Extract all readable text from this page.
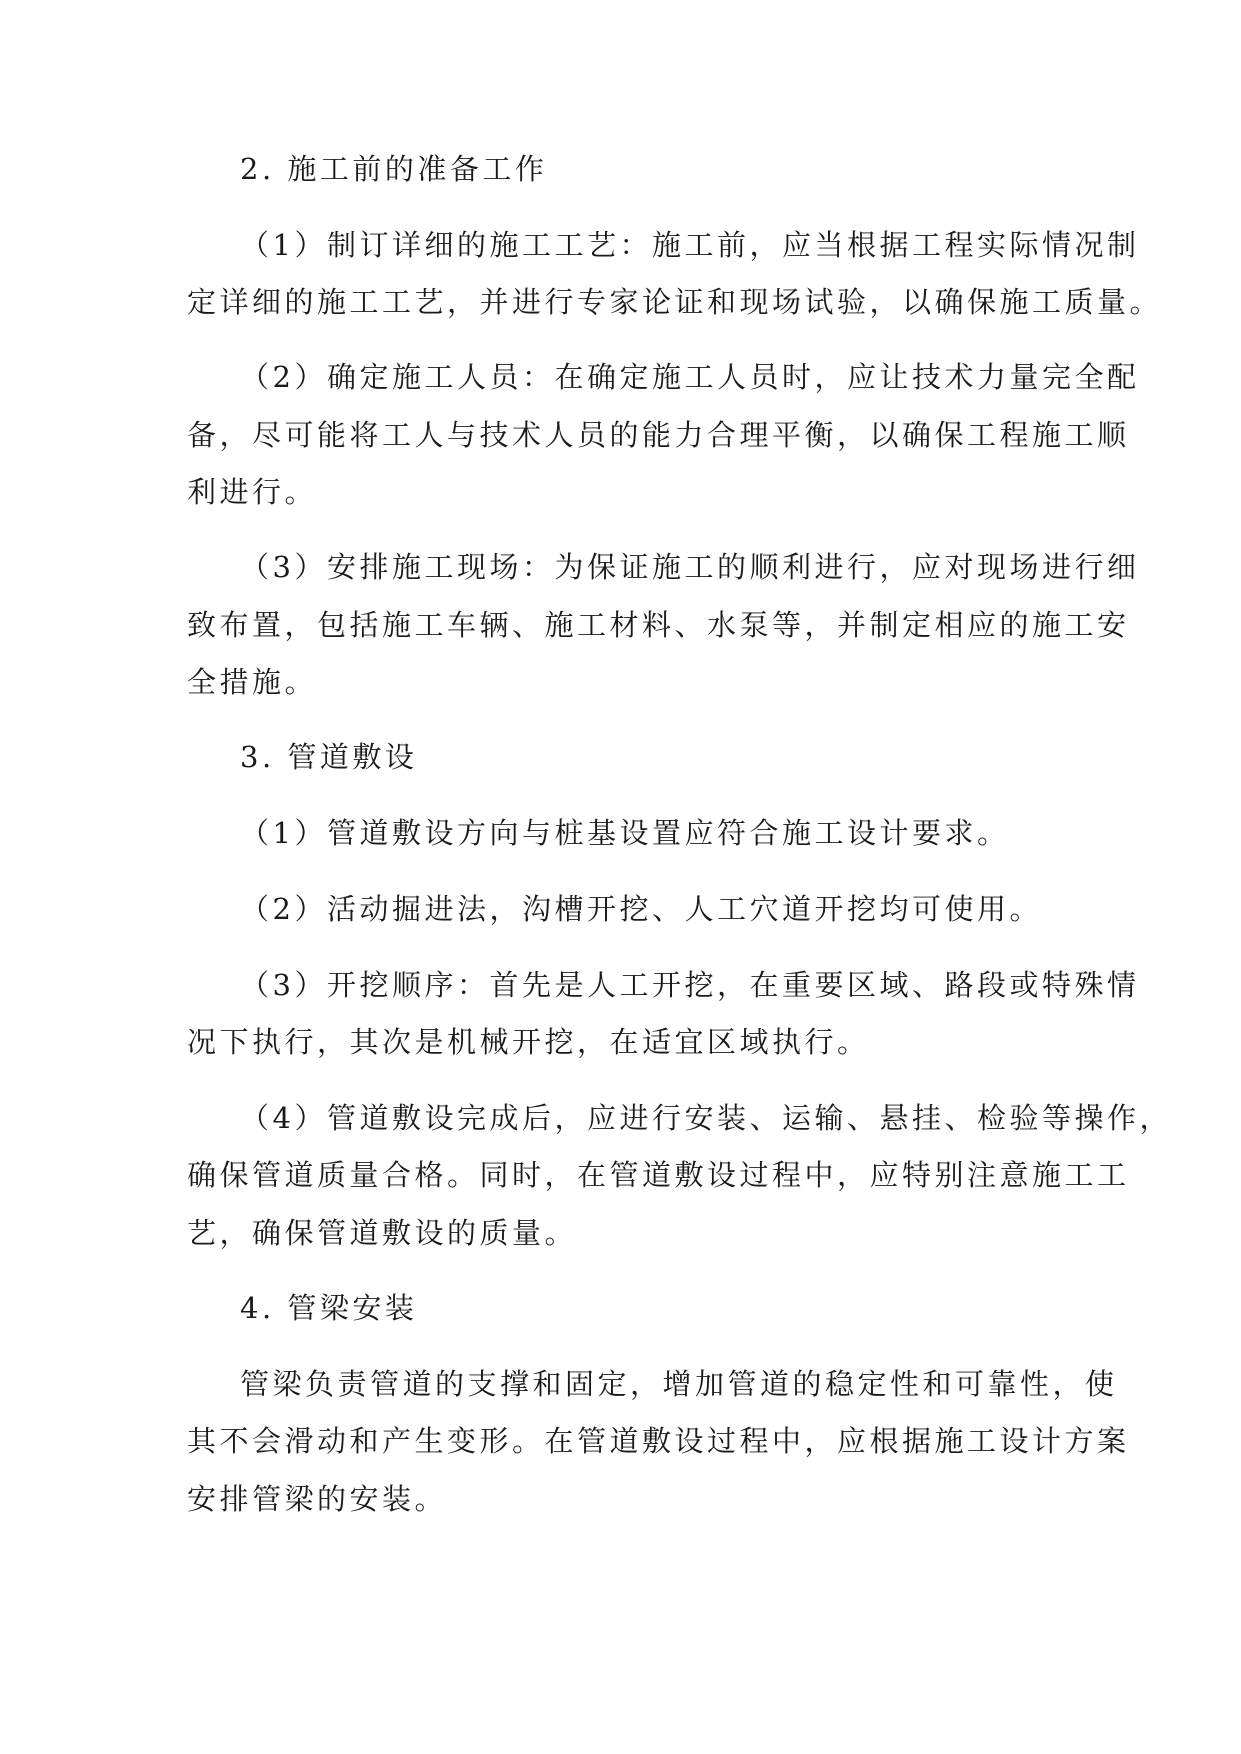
2. 施工前的准备工作
（1）制订详细的施工工艺：施工前，应当根据工程实际情况制
定详细的施工工艺，并进行专家论证和现场试验，以确保施工质量。
（2）确定施工人员：在确定施工人员时，应让技术力量完全配
备，尽可能将工人与技术人员的能力合理平衡，以确保工程施工顺
利进行。
（3）安排施工现场：为保证施工的顺利进行，应对现场进行细
致布置，包括施工车辆、施工材料、水泵等，并制定相应的施工安
全措施。
3. 管道敷设
（1）管道敷设方向与桩基设置应符合施工设计要求。
（2）活动掘进法，沟槽开挖、人工穴道开挖均可使用。
（3）开挖顺序：首先是人工开挖，在重要区域、路段或特殊情
况下执行，其次是机械开挖，在适宜区域执行。
（4）管道敷设完成后，应进行安装、运输、悬挂、检验等操作，
确保管道质量合格。同时，在管道敷设过程中，应特别注意施工工
艺，确保管道敷设的质量。
4. 管梁安装
管梁负责管道的支撑和固定，增加管道的稳定性和可靠性，使
其不会滑动和产生变形。在管道敷设过程中，应根据施工设计方案
安排管梁的安装。
